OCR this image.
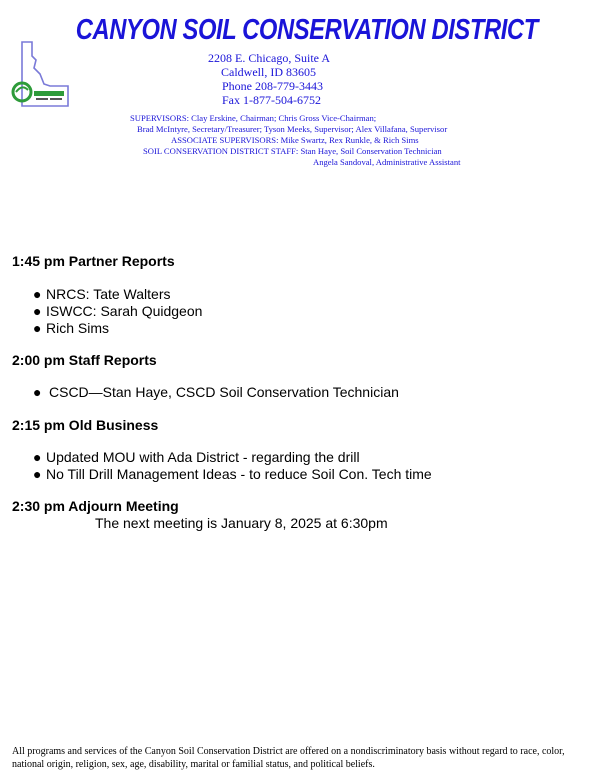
CANYON SOIL CONSERVATION DISTRICT
2208 E. Chicago, Suite A
Caldwell, ID 83605
Phone 208-779-3443
Fax 1-877-504-6752
SUPERVISORS: Clay Erskine, Chairman; Chris Gross Vice-Chairman;
Brad McIntyre, Secretary/Treasurer; Tyson Meeks, Supervisor; Alex Villafana, Supervisor
ASSOCIATE SUPERVISORS: Mike Swartz, Rex Runkle, & Rich Sims
SOIL CONSERVATION DISTRICT STAFF: Stan Haye, Soil Conservation Technician
Angela Sandoval, Administrative Assistant
1:45 pm Partner Reports
● NRCS: Tate Walters
● ISWCC: Sarah Quidgeon
● Rich Sims
2:00 pm Staff Reports
● CSCD—Stan Haye, CSCD Soil Conservation Technician
2:15 pm Old Business
● Updated MOU with Ada District - regarding the drill
● No Till Drill Management Ideas - to reduce Soil Con. Tech time
2:30 pm Adjourn Meeting
The next meeting is January 8, 2025 at 6:30pm
All programs and services of the Canyon Soil Conservation District are offered on a nondiscriminatory basis without regard to race, color, national origin, religion, sex, age, disability, marital or familial status, and political beliefs.
